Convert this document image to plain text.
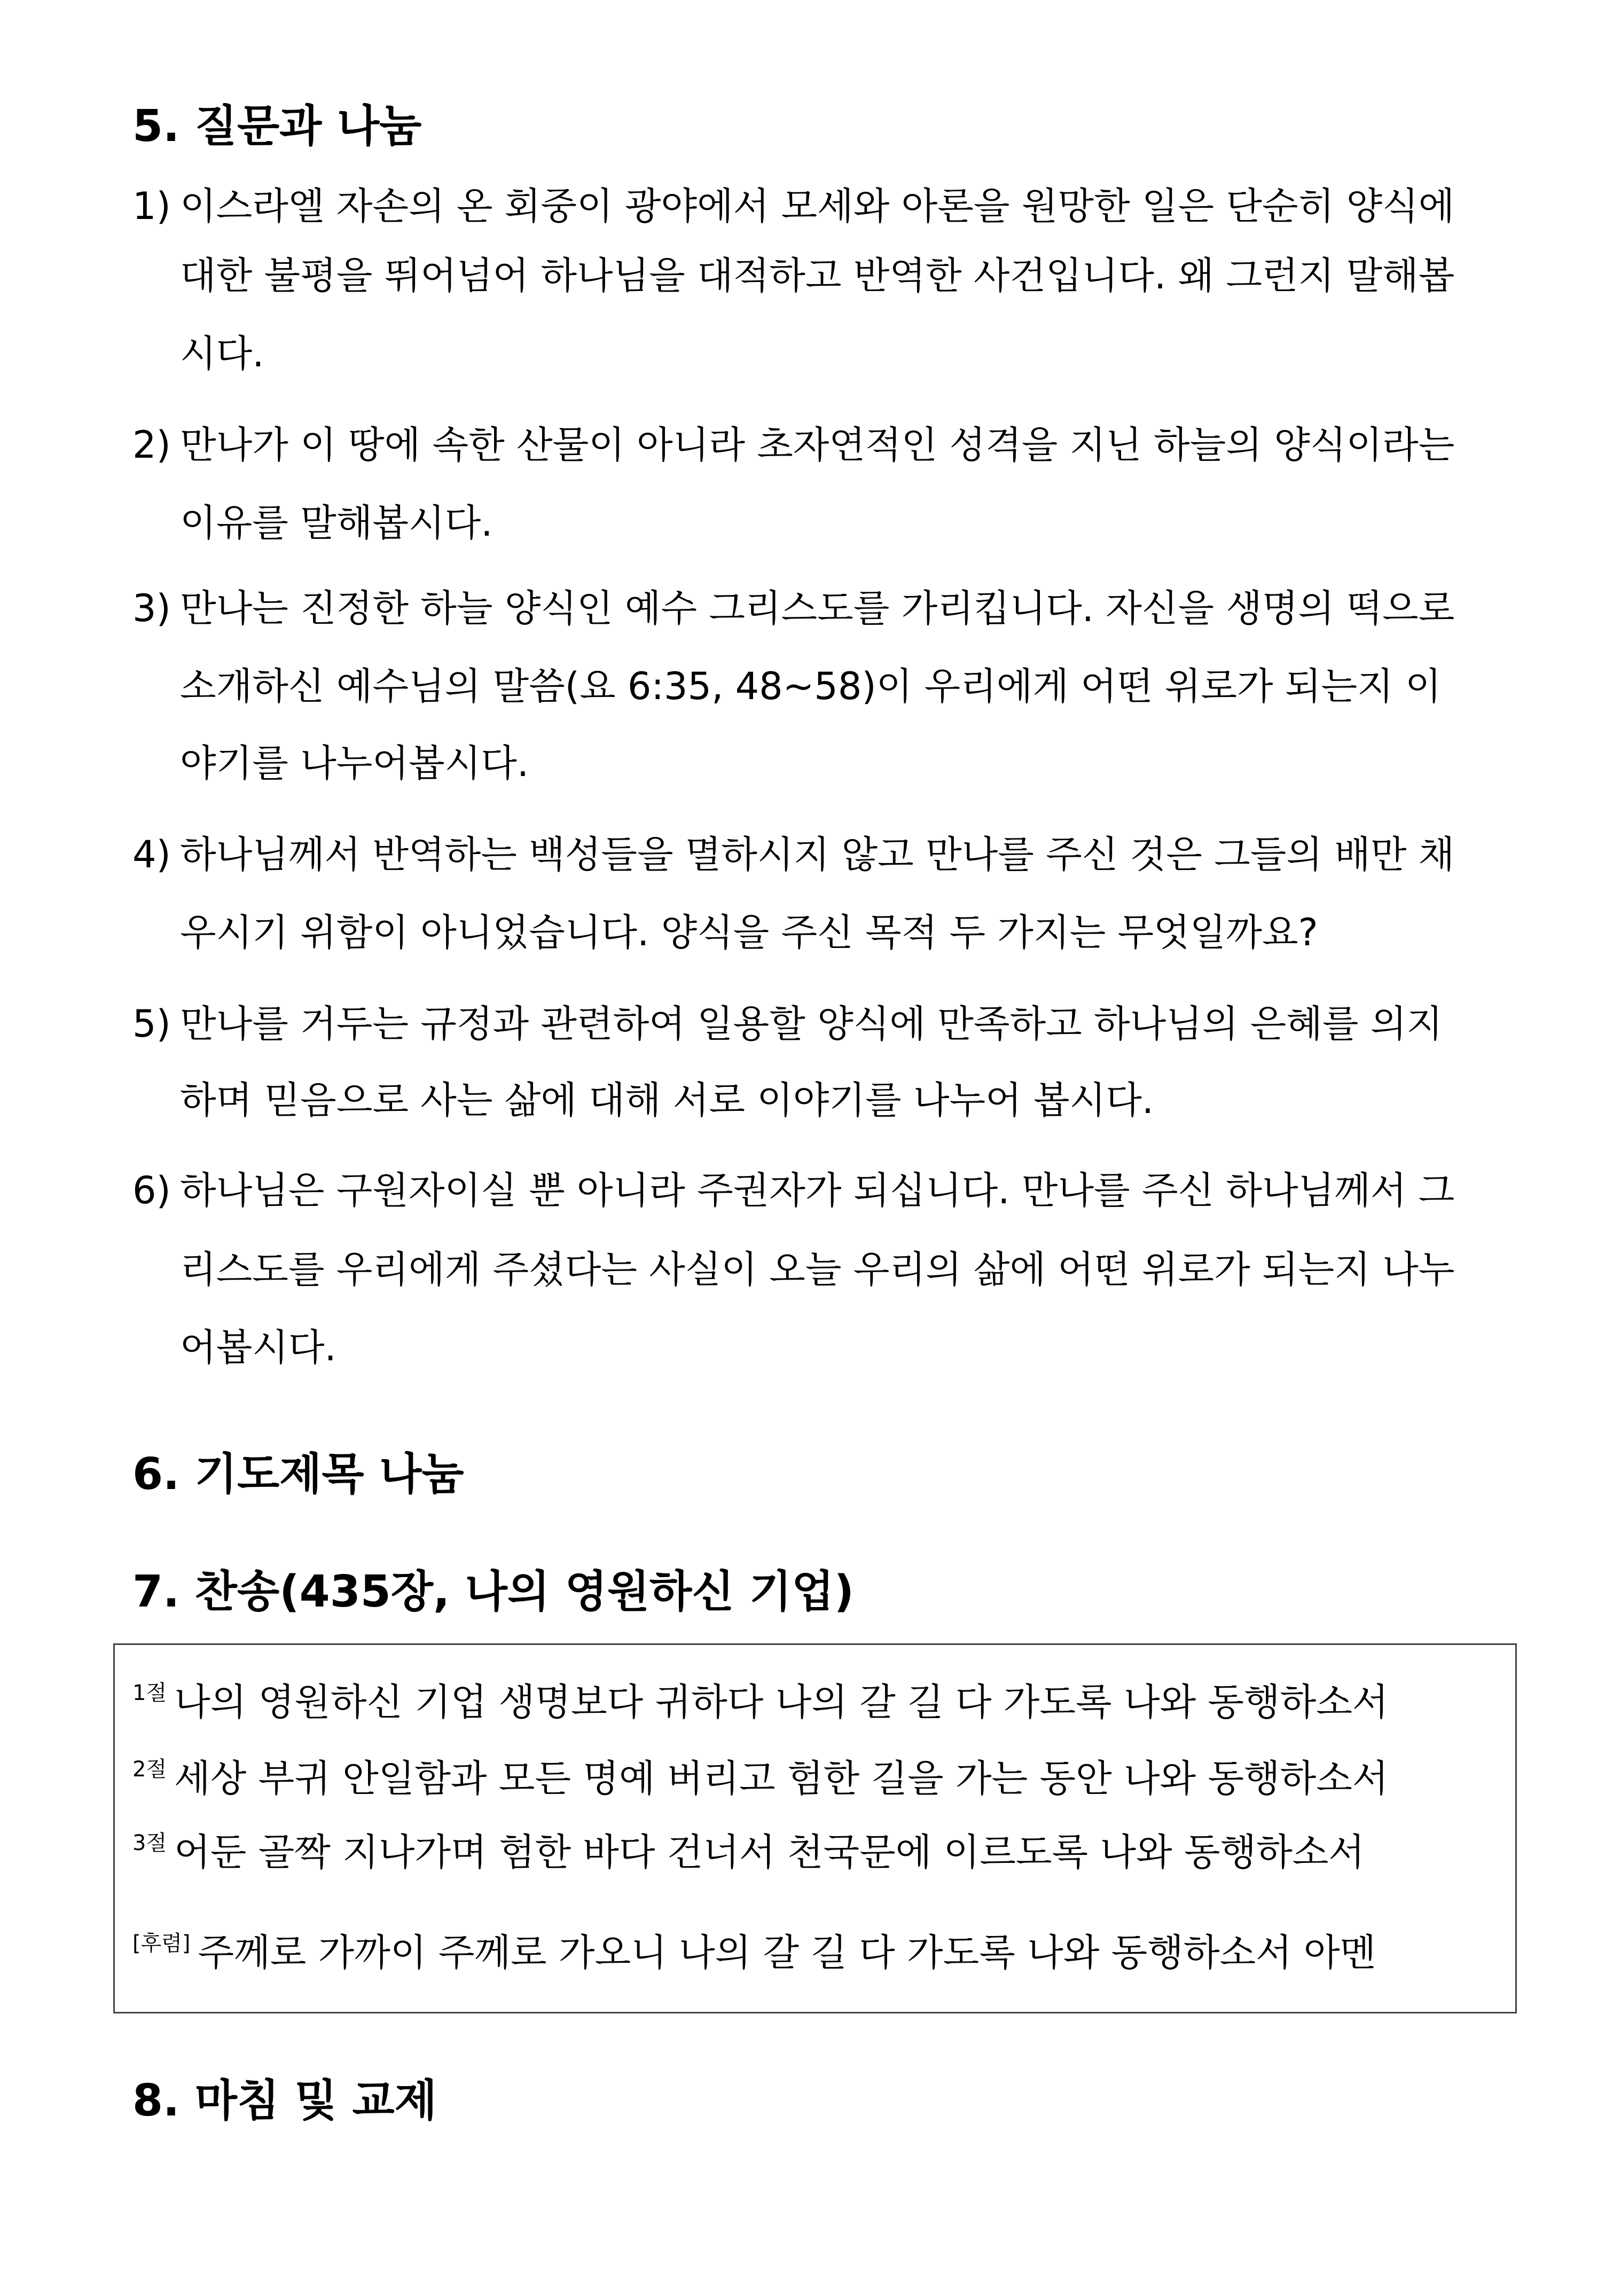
5. 질문과 나눔
1) 이스라엘 자손의 온 회중이 광야에서 모세와 아론을 원망한 일은 단순히 양식에
대한 불평을 뛰어넘어 하나님을 대적하고 반역한 사건입니다. 왜 그런지 말해봅
시다.
2) 만나가 이 땅에 속한 산물이 아니라 초자연적인 성격을 지닌 하늘의 양식이라는
이유를 말해봅시다.
3) 만나는 진정한 하늘 양식인 예수 그리스도를 가리킵니다. 자신을 생명의 떡으로
소개하신 예수님의 말씀(요 6:35, 48~58)이 우리에게 어떤 위로가 되는지 이
야기를 나누어봅시다.
4) 하나님께서 반역하는 백성들을 멸하시지 않고 만나를 주신 것은 그들의 배만 채
우시기 위함이 아니었습니다. 양식을 주신 목적 두 가지는 무엇일까요?
5) 만나를 거두는 규정과 관련하여 일용할 양식에 만족하고 하나님의 은혜를 의지
하며 믿음으로 사는 삶에 대해 서로 이야기를 나누어 봅시다.
6) 하나님은 구원자이실 뿐 아니라 주권자가 되십니다. 만나를 주신 하나님께서 그
리스도를 우리에게 주셨다는 사실이 오늘 우리의 삶에 어떤 위로가 되는지 나누
어봅시다.
6. 기도제목 나눔
7. 찬송(435장, 나의 영원하신 기업)
$^{1절}$ 나의 영원하신 기업 생명보다 귀하다 나의 갈 길 다 가도록 나와 동행하소서
$^{2절}$ 세상 부귀 안일함과 모든 명예 버리고 험한 길을 가는 동안 나와 동행하소서
$^{3절}$ 어둔 골짝 지나가며 험한 바다 건너서 천국문에 이르도록 나와 동행하소서
[후렴] 주께로 가까이 주께로 가오니 나의 갈 길 다 가도록 나와 동행하소서 아멘
8. 마침 및 교제
